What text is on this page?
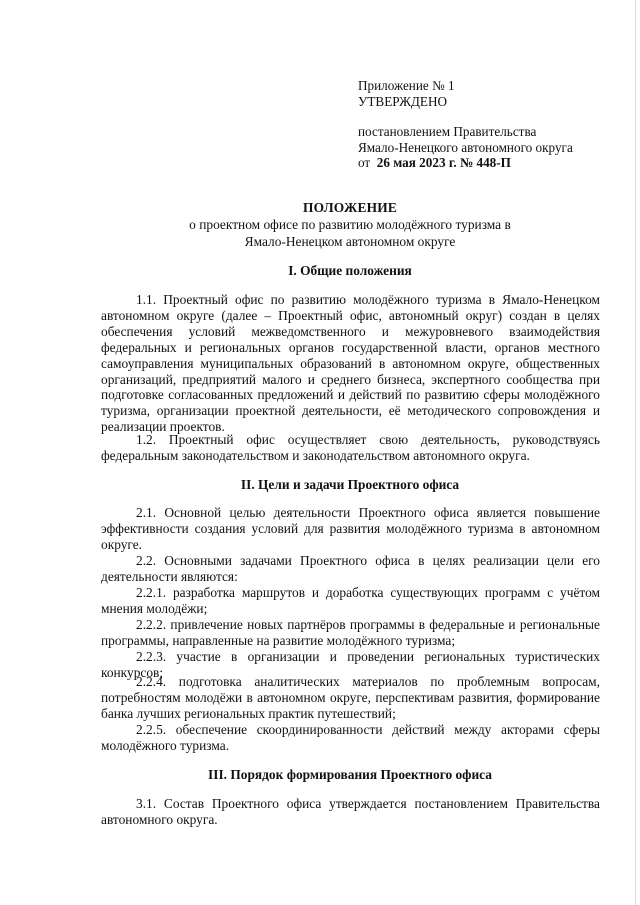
Приложение № 1
УТВЕРЖДЕНО
постановлением Правительства
Ямало-Ненецкого автономного округа
от 26 мая 2023 г. № 448-П
ПОЛОЖЕНИЕ
о проектном офисе по развитию молодёжного туризма в
Ямало-Ненецком автономном округе
I. Общие положения

1.1. Проектный офис по развитию молодёжного туризма в Ямало-Ненецком автономном округе (далее – Проектный офис, автономный округ) создан в целях обеспечения условий межведомственного и межуровневого взаимодействия федеральных и региональных органов государственной власти, органов местного самоуправления муниципальных образований в автономном округе, общественных организаций, предприятий малого и среднего бизнеса, экспертного сообщества при подготовке согласованных предложений и действий по развитию сферы молодёжного туризма, организации проектной деятельности, её методического сопровождения и реализации проектов.

1.2. Проектный офис осуществляет свою деятельность, руководствуясь федеральным законодательством и законодательством автономного округа.

II. Цели и задачи Проектного офиса

2.1. Основной целью деятельности Проектного офиса является повышение эффективности создания условий для развития молодёжного туризма в автономном округе.

2.2. Основными задачами Проектного офиса в целях реализации цели его деятельности являются:

2.2.1. разработка маршрутов и доработка существующих программ с учётом мнения молодёжи;

2.2.2. привлечение новых партнёров программы в федеральные и региональные программы, направленные на развитие молодёжного туризма;

2.2.3. участие в организации и проведении региональных туристических конкурсов;

2.2.4. подготовка аналитических материалов по проблемным вопросам, потребностям молодёжи в автономном округе, перспективам развития, формирование банка лучших региональных практик путешествий;

2.2.5. обеспечение скоординированности действий между акторами сферы молодёжного туризма.

III. Порядок формирования Проектного офиса

3.1. Состав Проектного офиса утверждается постановлением Правительства автономного округа.
